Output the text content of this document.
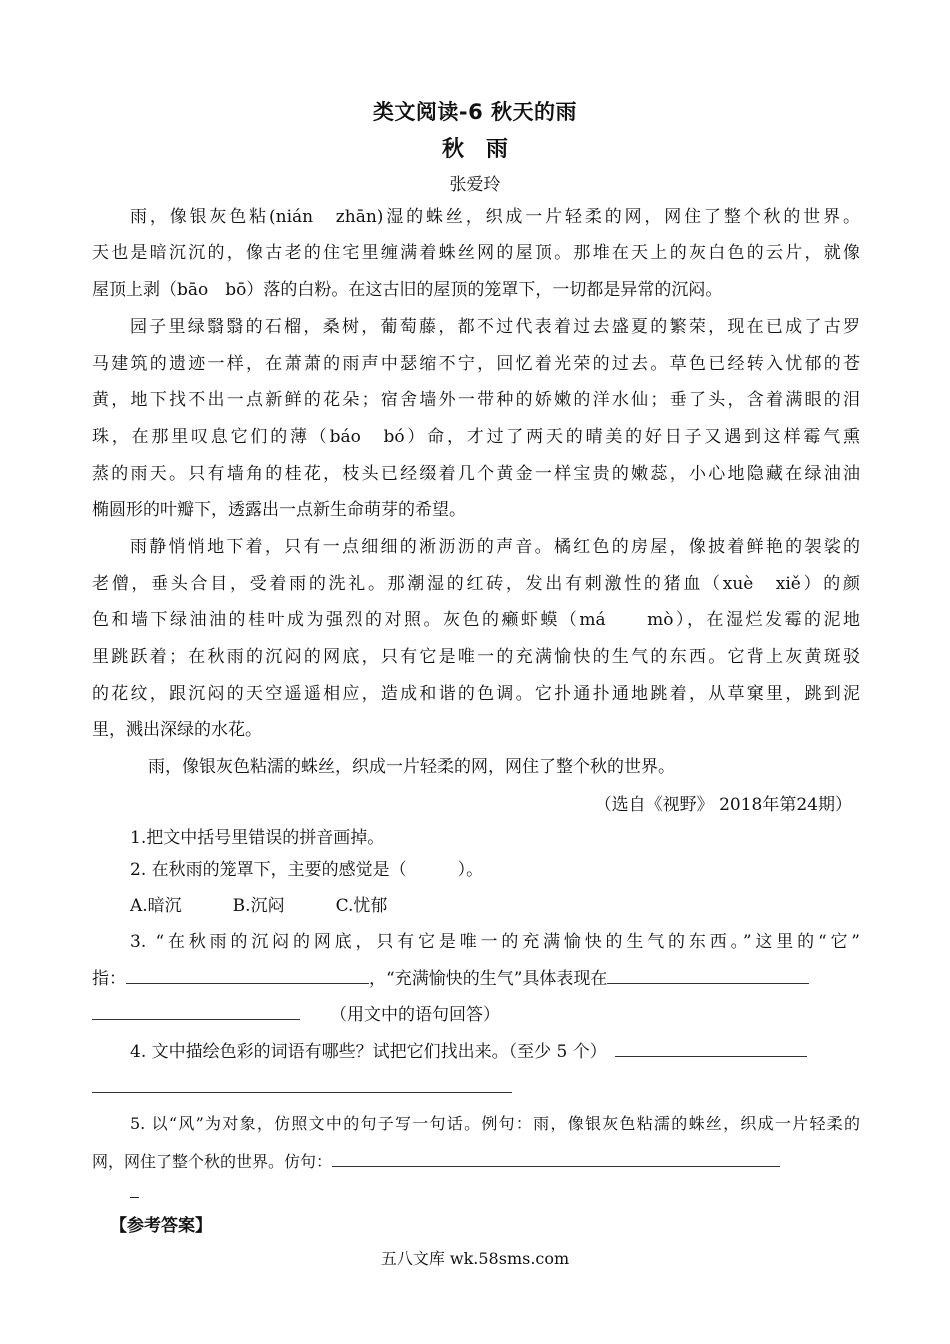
类文阅读-6 秋天的雨
秋　雨
张爱玲
雨，像银灰色粘(nián　zhān)湿的蛛丝，织成一片轻柔的网，网住了整个秋的世界。
天也是暗沉沉的，像古老的住宅里缠满着蛛丝网的屋顶。那堆在天上的灰白色的云片，就像
屋顶上剥（bāo　bō）落的白粉。在这古旧的屋顶的笼罩下，一切都是异常的沉闷。
园子里绿翳翳的石榴，桑树，葡萄藤，都不过代表着过去盛夏的繁荣，现在已成了古罗
马建筑的遗迹一样，在萧萧的雨声中瑟缩不宁，回忆着光荣的过去。草色已经转入忧郁的苍
黄，地下找不出一点新鲜的花朵；宿舍墙外一带种的娇嫩的洋水仙；垂了头，含着满眼的泪
珠，在那里叹息它们的薄（báo　bó）命，才过了两天的晴美的好日子又遇到这样霉气熏
蒸的雨天。只有墙角的桂花，枝头已经缀着几个黄金一样宝贵的嫩蕊，小心地隐藏在绿油油
椭圆形的叶瓣下，透露出一点新生命萌芽的希望。
雨静悄悄地下着，只有一点细细的淅沥沥的声音。橘红色的房屋，像披着鲜艳的袈裟的
老僧，垂头合目，受着雨的洗礼。那潮湿的红砖，发出有刺激性的猪血（xuè　xiě）的颜
色和墙下绿油油的桂叶成为强烈的对照。灰色的癞虾蟆（má　　mò），在湿烂发霉的泥地
里跳跃着；在秋雨的沉闷的网底，只有它是唯一的充满愉快的生气的东西。它背上灰黄斑驳
的花纹，跟沉闷的天空遥遥相应，造成和谐的色调。它扑通扑通地跳着，从草窠里，跳到泥
里，溅出深绿的水花。
雨，像银灰色粘濡的蛛丝，织成一片轻柔的网，网住了整个秋的世界。
（选自《视野》 2018年第24期）
1.把文中括号里错误的拼音画掉。
2. 在秋雨的笼罩下，主要的感觉是（　　　）。
A.暗沉　　　B.沉闷　　　C.忧郁
3. “在秋雨的沉闷的网底，只有它是唯一的充满愉快的生气的东西。”这里的“它”
指：	，“充满愉快的生气”具体表现在
（用文中的语句回答）
4. 文中描绘色彩的词语有哪些？试把它们找出来。（至少 5 个）
5. 以“风”为对象，仿照文中的句子写一句话。例句：雨，像银灰色粘濡的蛛丝，织成一片轻柔的
网，网住了整个秋的世界。仿句：
【参考答案】
五八文库 wk.58sms.com
